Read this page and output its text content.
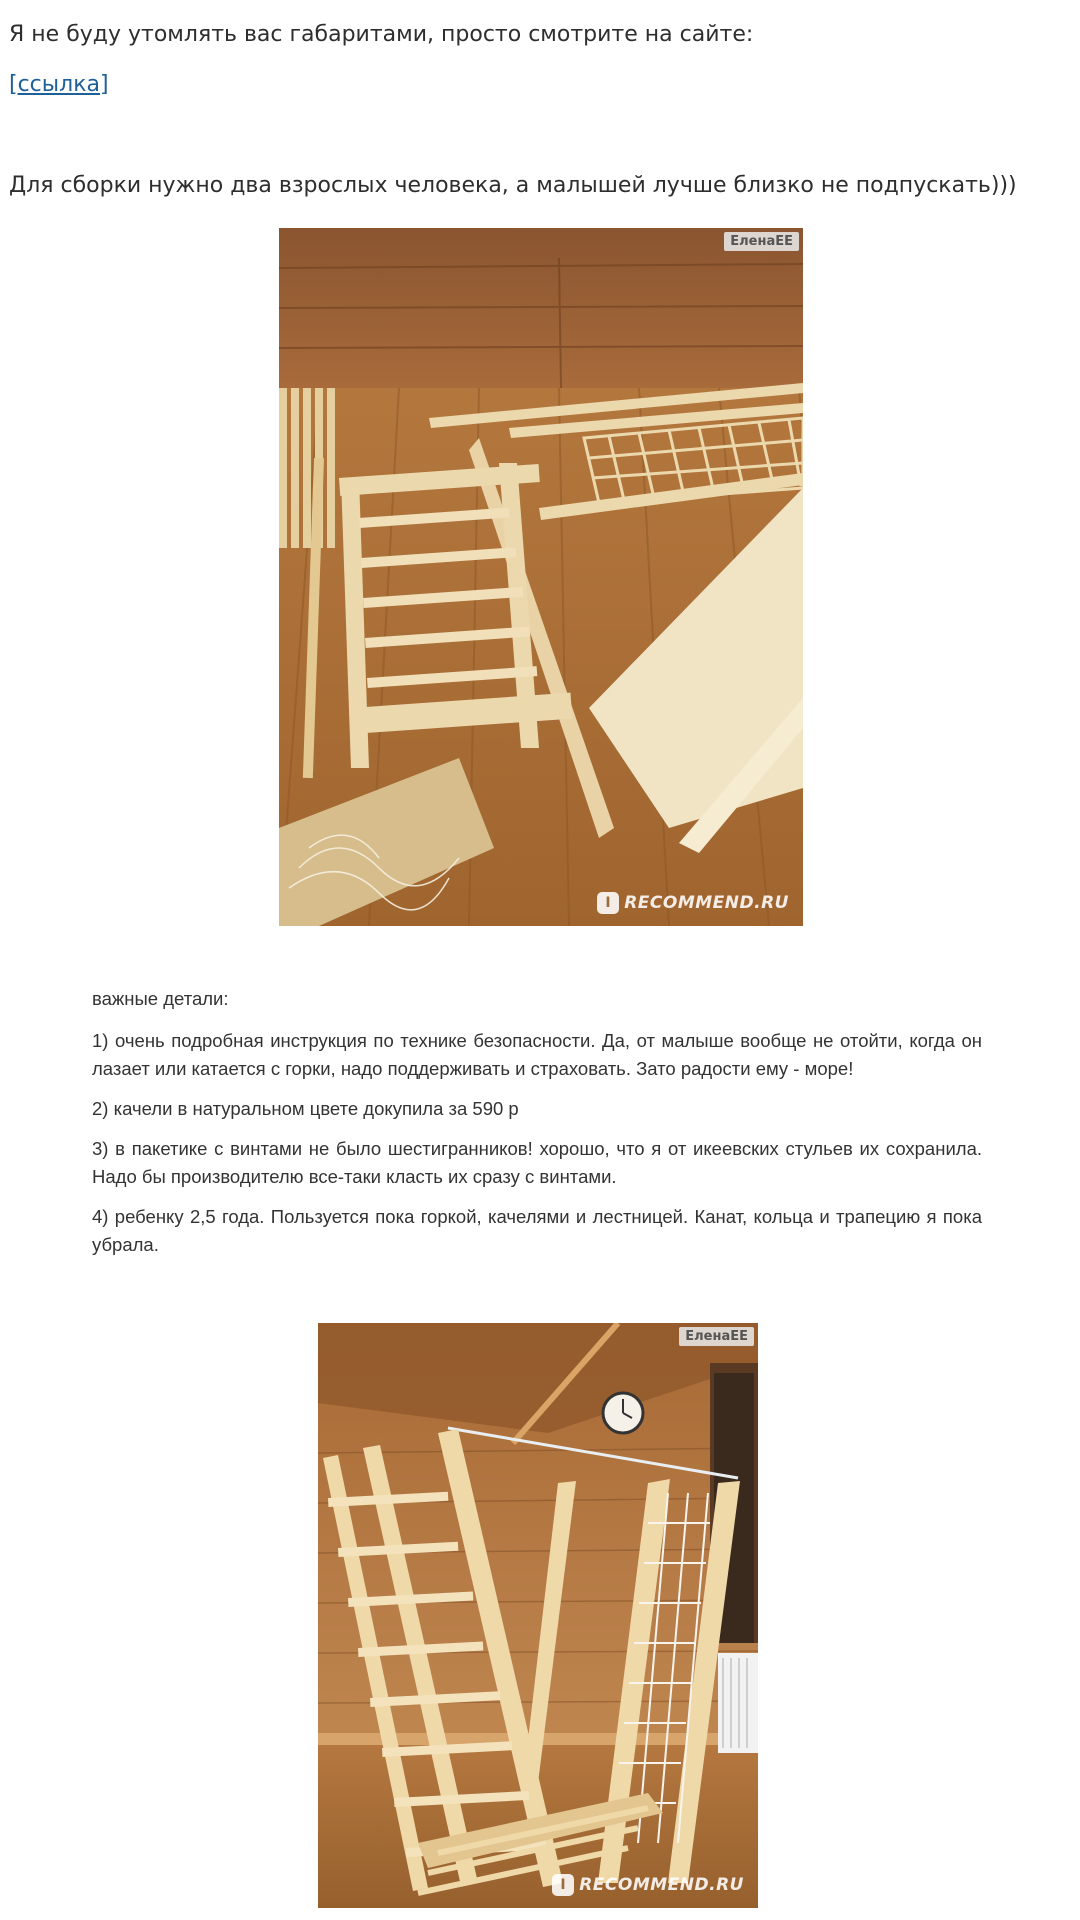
Я не буду утомлять вас габаритами, просто смотрите на сайте:

[ссылка]

Для сборки нужно два взрослых человека, а малышей лучше близко не подпускать)))

ЕленаЕЕ
I RECOMMEND.RU

важные детали:

1) очень подробная инструкция по технике безопасности. Да, от малыше вообще не отойти, когда он лазает или катается с горки, надо поддерживать и страховать. Зато радости ему - море!

2) качели в натуральном цвете докупила за 590 р

3) в пакетике с винтами не было шестигранников! хорошо, что я от икеевских стульев их сохранила. Надо бы производителю все-таки класть их сразу с винтами.

4) ребенку 2,5 года. Пользуется пока горкой, качелями и лестницей. Канат, кольца и трапецию я пока убрала.

ЕленаЕЕ
I RECOMMEND.RU
